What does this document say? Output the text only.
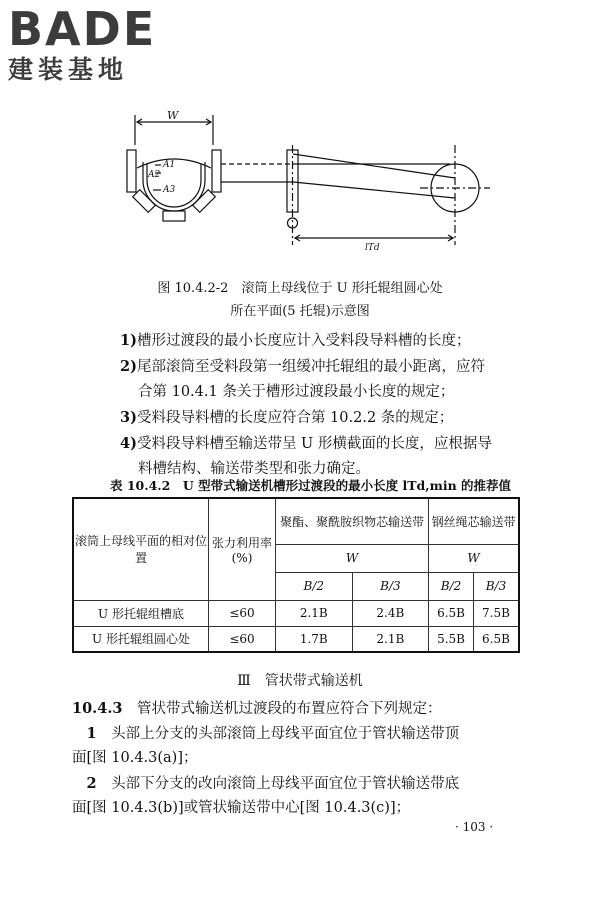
BADE
建装基地
W
A1
A2
A3
lTd
图 10.4.2-2　滚筒上母线位于 U 形托辊组圆心处
所在平面(5 托辊)示意图
1)槽形过渡段的最小长度应计入受料段导料槽的长度；
2)尾部滚筒至受料段第一组缓冲托辊组的最小距离，应符
合第 10.4.1 条关于槽形过渡段最小长度的规定；
3)受料段导料槽的长度应符合第 10.2.2 条的规定；
4)受料段导料槽至输送带呈 U 形横截面的长度，应根据导
料槽结构、输送带类型和张力确定。
表 10.4.2　U 型带式输送机槽形过渡段的最小长度 lTd,min 的推荐值
滚筒上母线平面的相对位置	张力利用率(%)	聚酯、聚酰胺织物芯输送带		钢丝绳芯输送带	
		W		W	
		B/2	B/3	B/2	B/3
U 形托辊组槽底	≤60	2.1B	2.4B	6.5B	7.5B
U 形托辊组圆心处	≤60	1.7B	2.1B	5.5B	6.5B
Ⅲ　 管状带式输送机
10.4.3　 管状带式输送机过渡段的布置应符合下列规定：
　1　 头部上分支的头部滚筒上母线平面宜位于管状输送带顶
面[图 10.4.3(a)]；
　2　 头部下分支的改向滚筒上母线平面宜位于管状输送带底
面[图 10.4.3(b)]或管状输送带中心[图 10.4.3(c)]；
· 103 ·
